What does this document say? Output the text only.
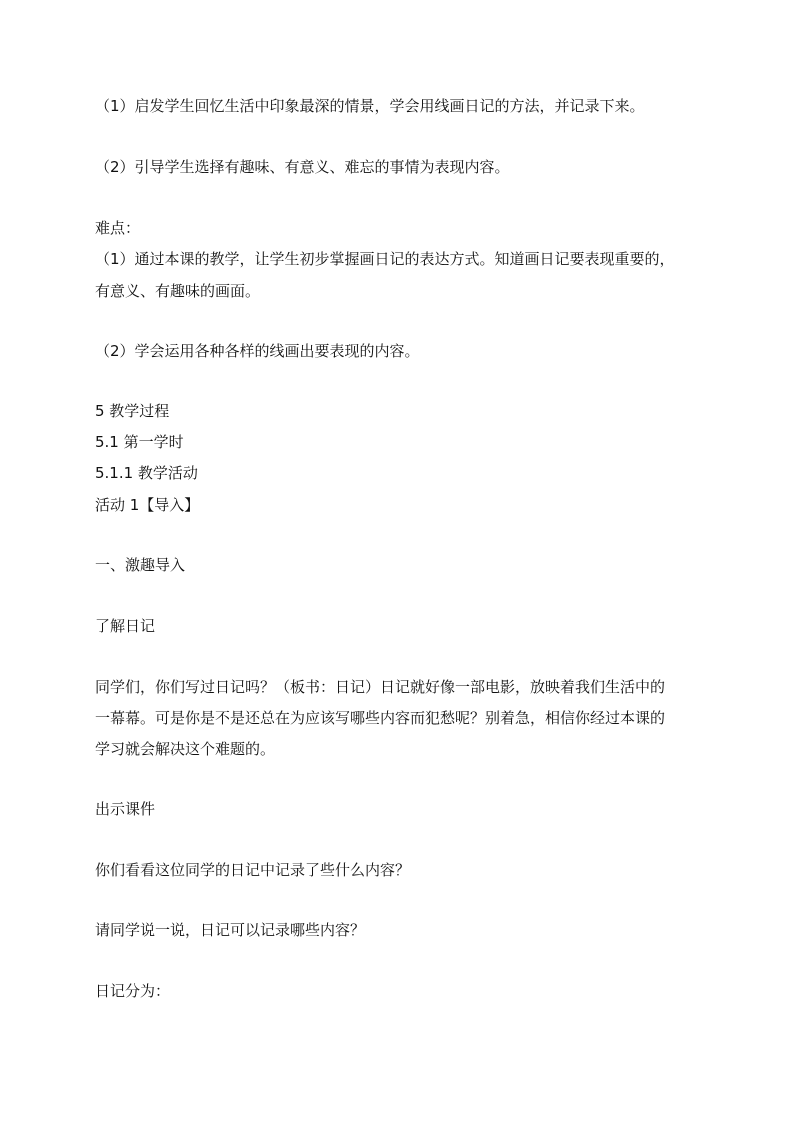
（1）启发学生回忆生活中印象最深的情景，学会用线画日记的方法，并记录下来。
（2）引导学生选择有趣味、有意义、难忘的事情为表现内容。
难点：
（1）通过本课的教学，让学生初步掌握画日记的表达方式。知道画日记要表现重要的，
有意义、有趣味的画面。
（2）学会运用各种各样的线画出要表现的内容。
5 教学过程
5.1 第一学时
5.1.1 教学活动
活动 1【导入】
一、激趣导入
了解日记
同学们，你们写过日记吗？（板书：日记）日记就好像一部电影，放映着我们生活中的
一幕幕。可是你是不是还总在为应该写哪些内容而犯愁呢？别着急，相信你经过本课的
学习就会解决这个难题的。
出示课件
你们看看这位同学的日记中记录了些什么内容？
请同学说一说，日记可以记录哪些内容？
日记分为：
